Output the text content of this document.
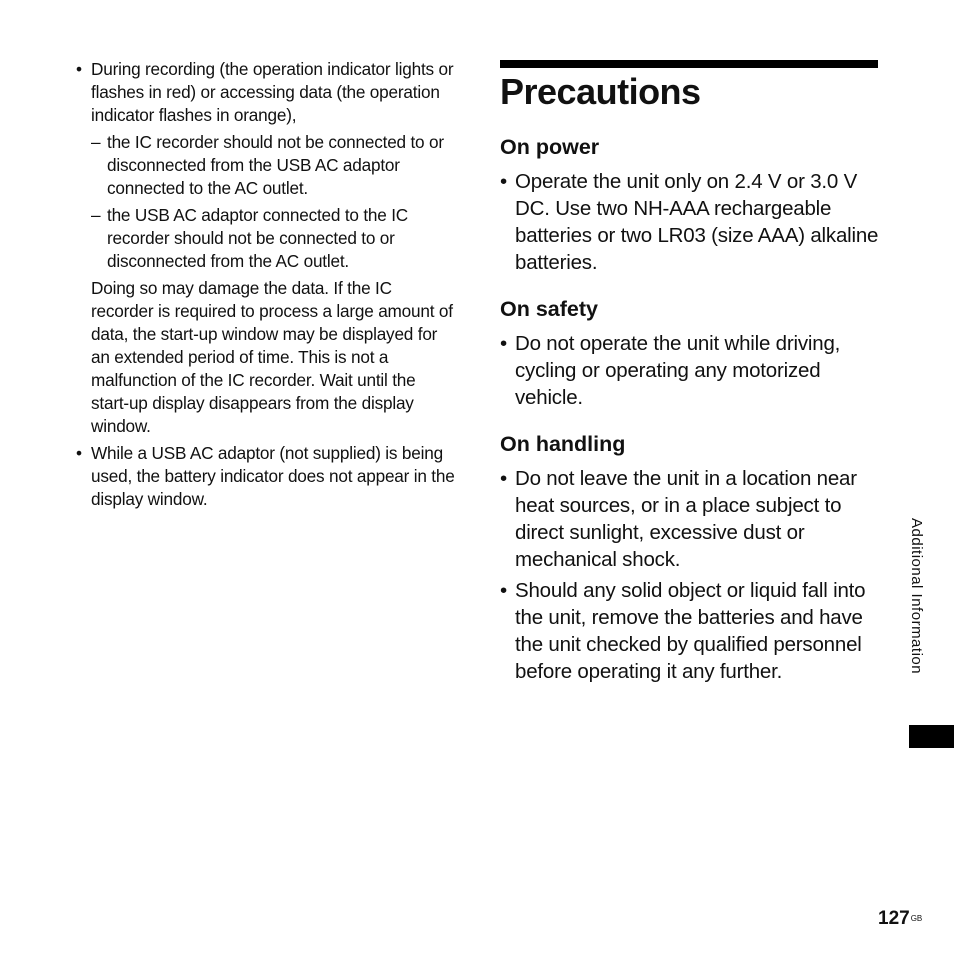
• During recording (the operation indicator lights or flashes in red) or accessing data (the operation indicator flashes in orange),
– the IC recorder should not be connected to or disconnected from the USB AC adaptor connected to the AC outlet.
– the USB AC adaptor connected to the IC recorder should not be connected to or disconnected from the AC outlet.
Doing so may damage the data. If the IC recorder is required to process a large amount of data, the start-up window may be displayed for an extended period of time. This is not a malfunction of the IC recorder. Wait until the start-up display disappears from the display window.
• While a USB AC adaptor (not supplied) is being used, the battery indicator does not appear in the display window.
Precautions
On power
• Operate the unit only on 2.4 V or 3.0 V DC. Use two NH-AAA rechargeable batteries or two LR03 (size AAA) alkaline batteries.
On safety
• Do not operate the unit while driving, cycling or operating any motorized vehicle.
On handling
• Do not leave the unit in a location near heat sources, or in a place subject to direct sunlight, excessive dust or mechanical shock.
• Should any solid object or liquid fall into the unit, remove the batteries and have the unit checked by qualified personnel before operating it any further.	Additional Information
$127^{GB}$
